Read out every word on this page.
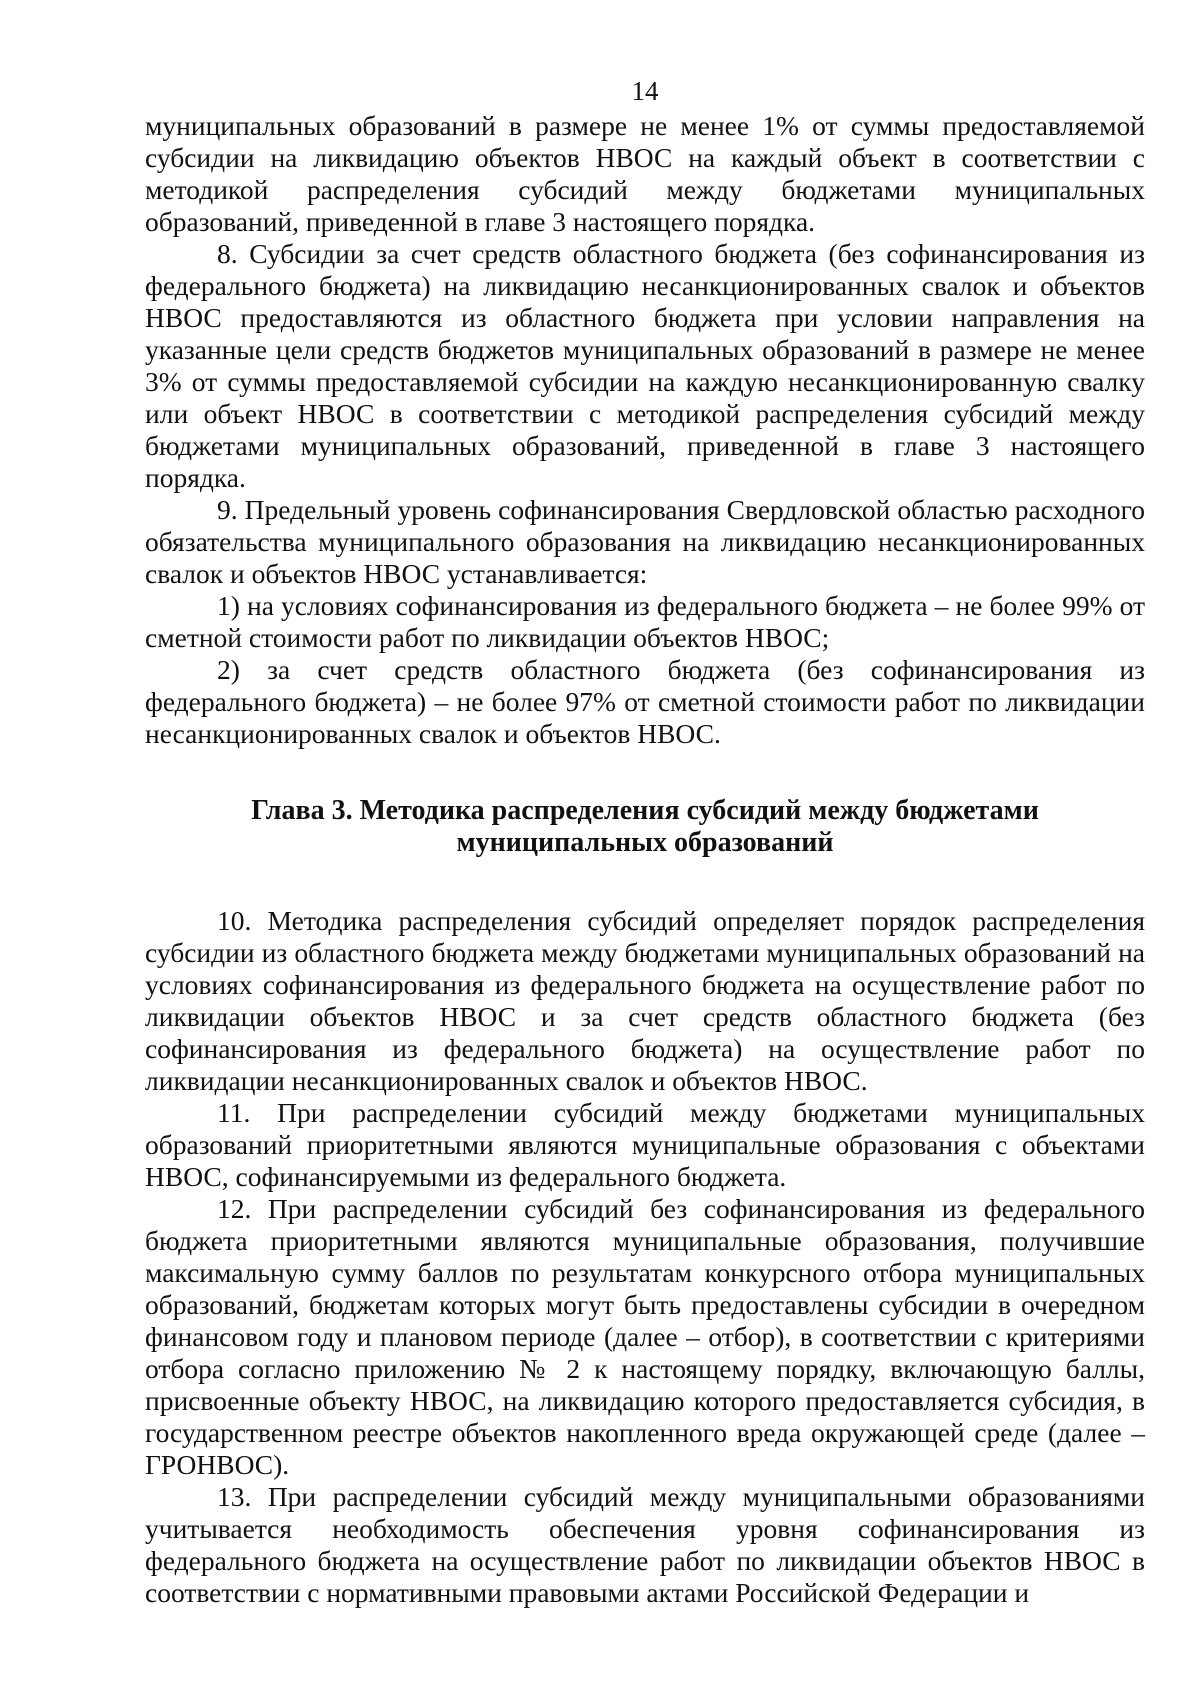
14

муниципальных образований в размере не менее 1% от суммы предоставляемой субсидии на ликвидацию объектов НВОС на каждый объект в соответствии с методикой распределения субсидий между бюджетами муниципальных образований, приведенной в главе 3 настоящего порядка.

8. Субсидии за счет средств областного бюджета (без софинансирования из федерального бюджета) на ликвидацию несанкционированных свалок и объектов НВОС предоставляются из областного бюджета при условии направления на указанные цели средств бюджетов муниципальных образований в размере не менее 3% от суммы предоставляемой субсидии на каждую несанкционированную свалку или объект НВОС в соответствии с методикой распределения субсидий между бюджетами муниципальных образований, приведенной в главе 3 настоящего порядка.

9. Предельный уровень софинансирования Свердловской областью расходного обязательства муниципального образования на ликвидацию несанкционированных свалок и объектов НВОС устанавливается:

1) на условиях софинансирования из федерального бюджета – не более 99% от сметной стоимости работ по ликвидации объектов НВОС;

2) за счет средств областного бюджета (без софинансирования из федерального бюджета) – не более 97% от сметной стоимости работ по ликвидации несанкционированных свалок и объектов НВОС.

Глава 3. Методика распределения субсидий между бюджетами
муниципальных образований

10. Методика распределения субсидий определяет порядок распределения субсидии из областного бюджета между бюджетами муниципальных образований на условиях софинансирования из федерального бюджета на осуществление работ по ликвидации объектов НВОС и за счет средств областного бюджета (без софинансирования из федерального бюджета) на осуществление работ по ликвидации несанкционированных свалок и объектов НВОС.

11. При распределении субсидий между бюджетами муниципальных образований приоритетными являются муниципальные образования с объектами НВОС, софинансируемыми из федерального бюджета.

12. При распределении субсидий без софинансирования из федерального бюджета приоритетными являются муниципальные образования, получившие максимальную сумму баллов по результатам конкурсного отбора муниципальных образований, бюджетам которых могут быть предоставлены субсидии в очередном финансовом году и плановом периоде (далее – отбор), в соответствии с критериями отбора согласно приложению № 2 к настоящему порядку, включающую баллы, присвоенные объекту НВОС, на ликвидацию которого предоставляется субсидия, в государственном реестре объектов накопленного вреда окружающей среде (далее – ГРОНВОС).

13. При распределении субсидий между муниципальными образованиями учитывается необходимость обеспечения уровня софинансирования из федерального бюджета на осуществление работ по ликвидации объектов НВОС в соответствии с нормативными правовыми актами Российской Федерации и
